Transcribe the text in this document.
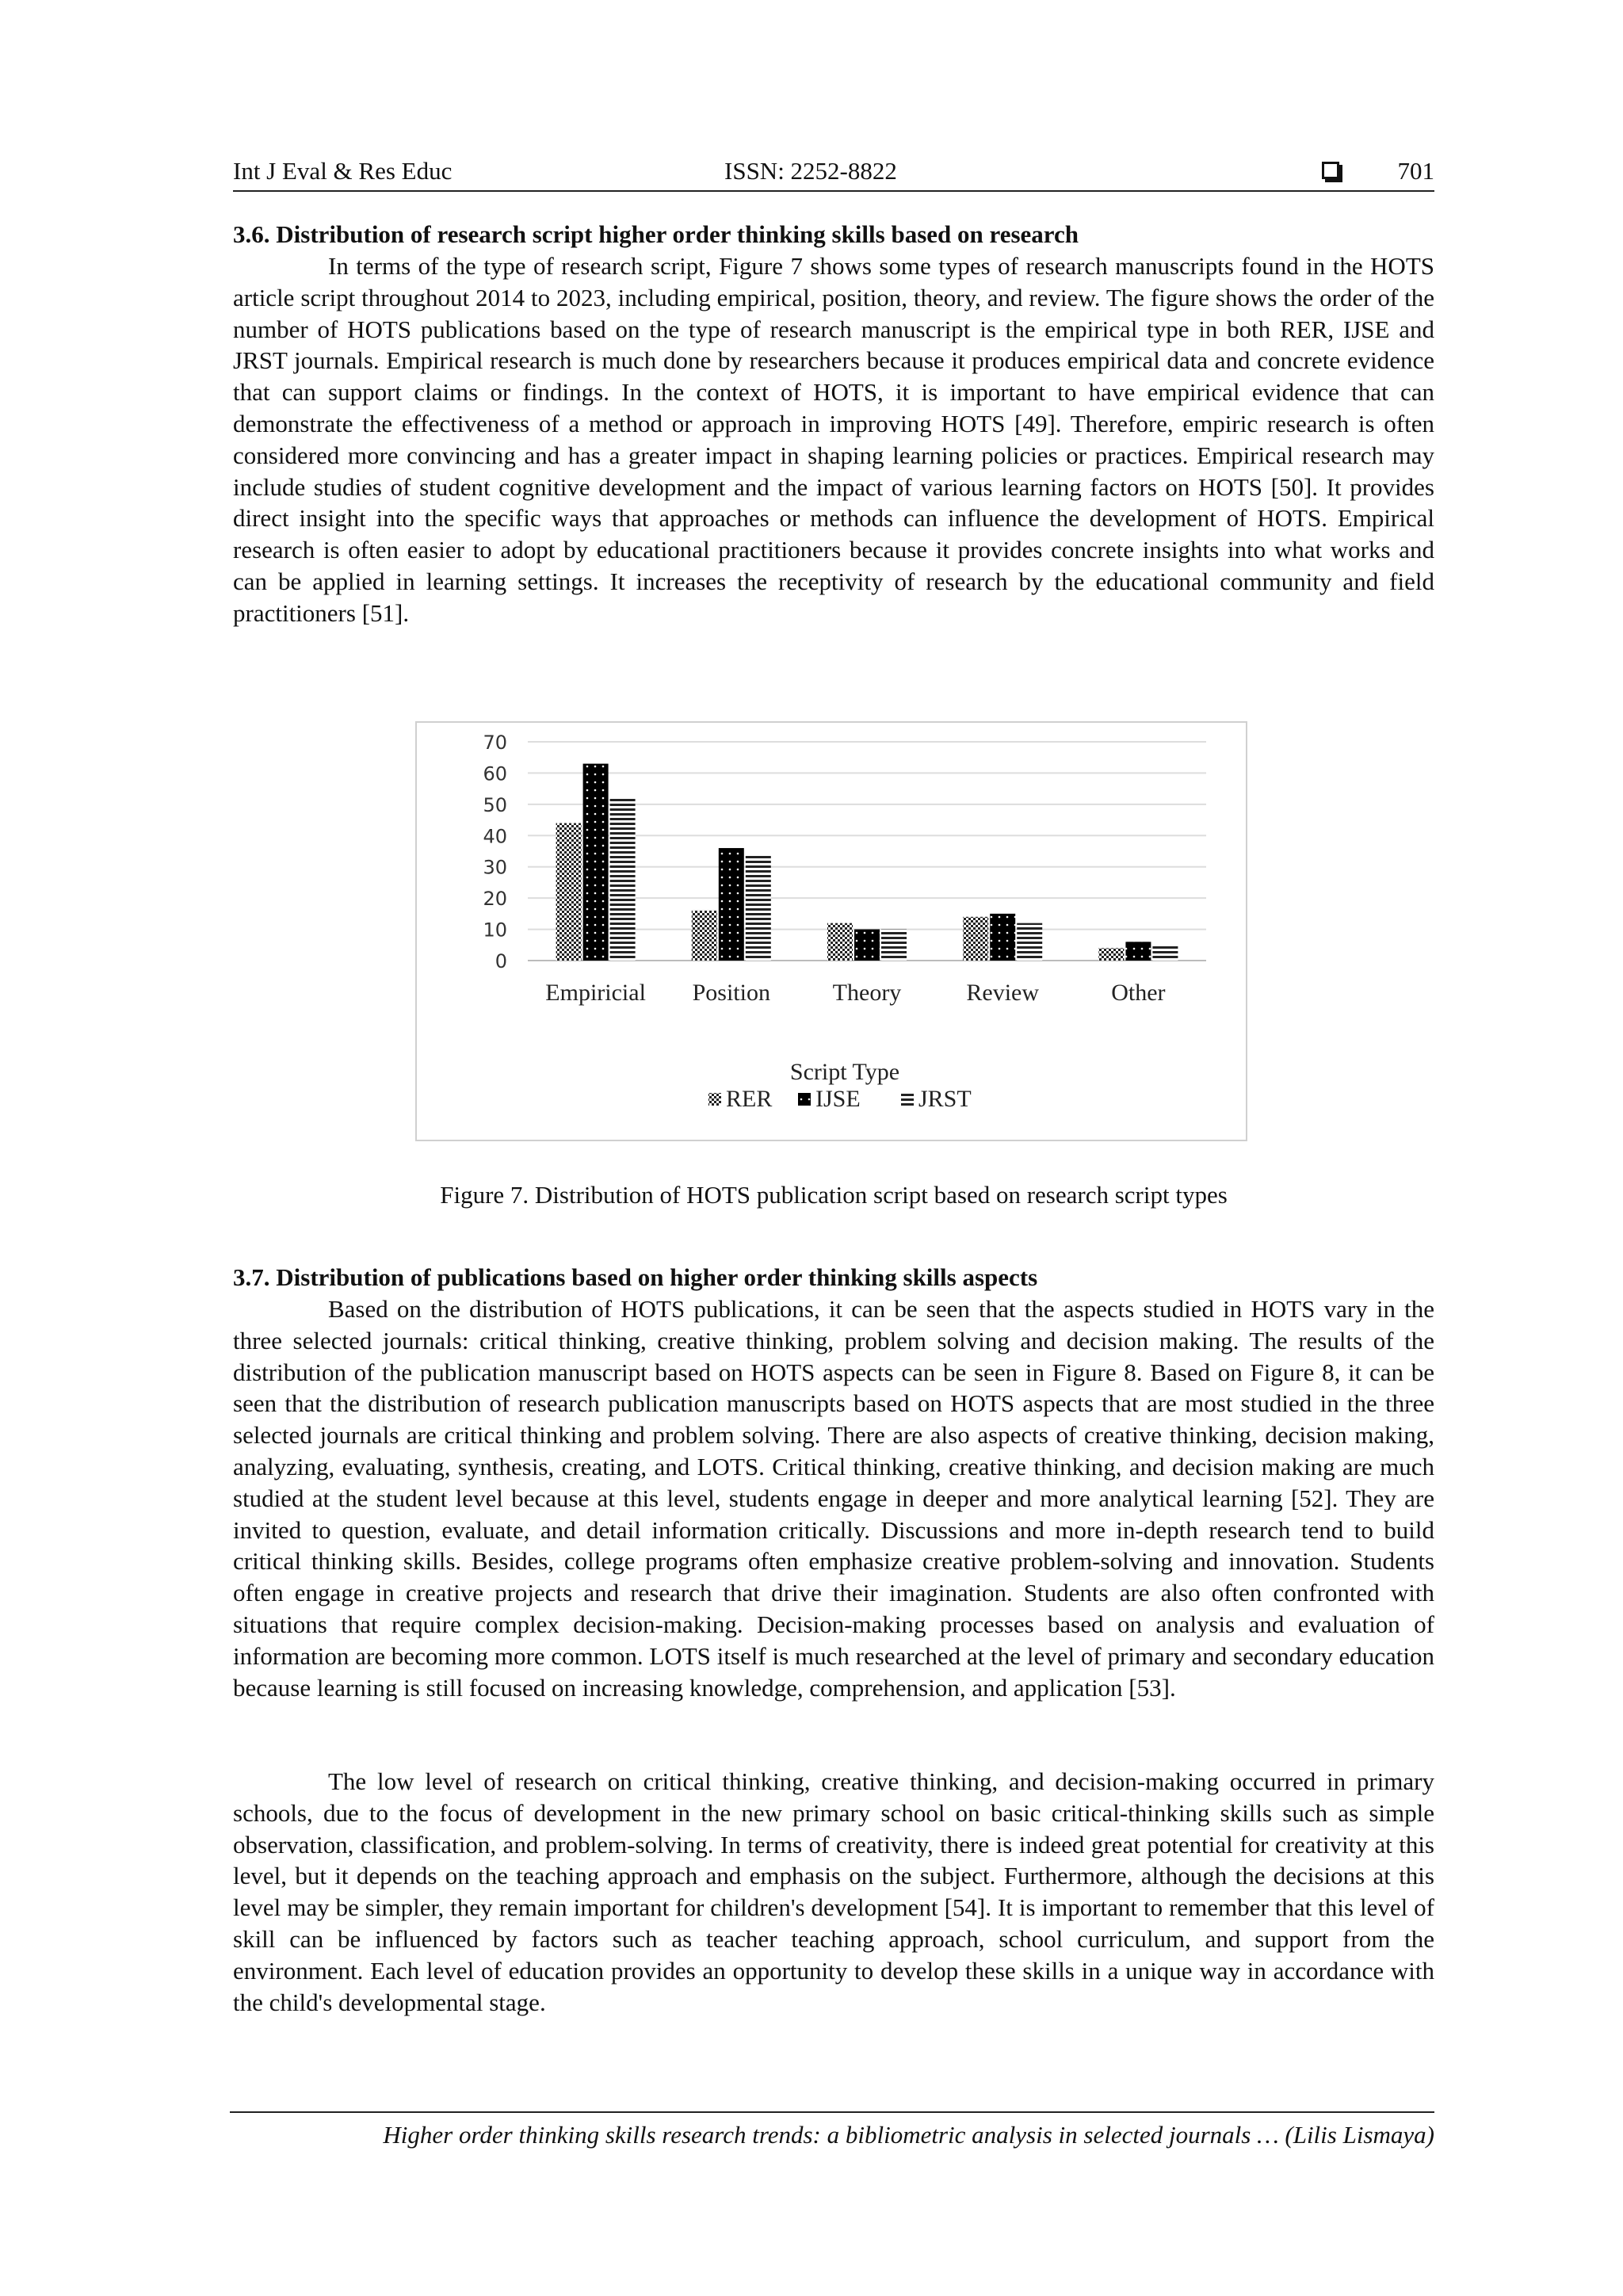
Int J Eval & Res Educ	ISSN: 2252-8822	701
3.6. Distribution of research script higher order thinking skills based on research

In terms of the type of research script, Figure 7 shows some types of research manuscripts found in the HOTS article script throughout 2014 to 2023, including empirical, position, theory, and review. The figure shows the order of the number of HOTS publications based on the type of research manuscript is the empirical type in both RER, IJSE and JRST journals. Empirical research is much done by researchers because it produces empirical data and concrete evidence that can support claims or findings. In the context of HOTS, it is important to have empirical evidence that can demonstrate the effectiveness of a method or approach in improving HOTS [49]. Therefore, empiric research is often considered more convincing and has a greater impact in shaping learning policies or practices. Empirical research may include studies of student cognitive development and the impact of various learning factors on HOTS [50]. It provides direct insight into the specific ways that approaches or methods can influence the development of HOTS. Empirical research is often easier to adopt by educational practitioners because it provides concrete insights into what works and can be applied in learning settings. It increases the receptivity of research by the educational community and field practitioners [51].

0
10
20
30
40
50
60
70
Empiricial Position	Theory	Review	Other
Script Type
RER IJSE JRST

Figure 7. Distribution of HOTS publication script based on research script types

3.7. Distribution of publications based on higher order thinking skills aspects

Based on the distribution of HOTS publications, it can be seen that the aspects studied in HOTS vary in the three selected journals: critical thinking, creative thinking, problem solving and decision making. The results of the distribution of the publication manuscript based on HOTS aspects can be seen in Figure 8. Based on Figure 8, it can be seen that the distribution of research publication manuscripts based on HOTS aspects that are most studied in the three selected journals are critical thinking and problem solving. There are also aspects of creative thinking, decision making, analyzing, evaluating, synthesis, creating, and LOTS. Critical thinking, creative thinking, and decision making are much studied at the student level because at this level, students engage in deeper and more analytical learning [52]. They are invited to question, evaluate, and detail information critically. Discussions and more in-depth research tend to build critical thinking skills. Besides, college programs often emphasize creative problem-solving and innovation. Students often engage in creative projects and research that drive their imagination. Students are also often confronted with situations that require complex decision-making. Decision-making processes based on analysis and evaluation of information are becoming more common. LOTS itself is much researched at the level of primary and secondary education because learning is still focused on increasing knowledge, comprehension, and application [53].

The low level of research on critical thinking, creative thinking, and decision-making occurred in primary schools, due to the focus of development in the new primary school on basic critical-thinking skills such as simple observation, classification, and problem-solving. In terms of creativity, there is indeed great potential for creativity at this level, but it depends on the teaching approach and emphasis on the subject. Furthermore, although the decisions at this level may be simpler, they remain important for children's development [54]. It is important to remember that this level of skill can be influenced by factors such as teacher teaching approach, school curriculum, and support from the environment. Each level of education provides an opportunity to develop these skills in a unique way in accordance with the child's developmental stage.

Higher order thinking skills research trends: a bibliometric analysis in selected journals … (Lilis Lismaya)
